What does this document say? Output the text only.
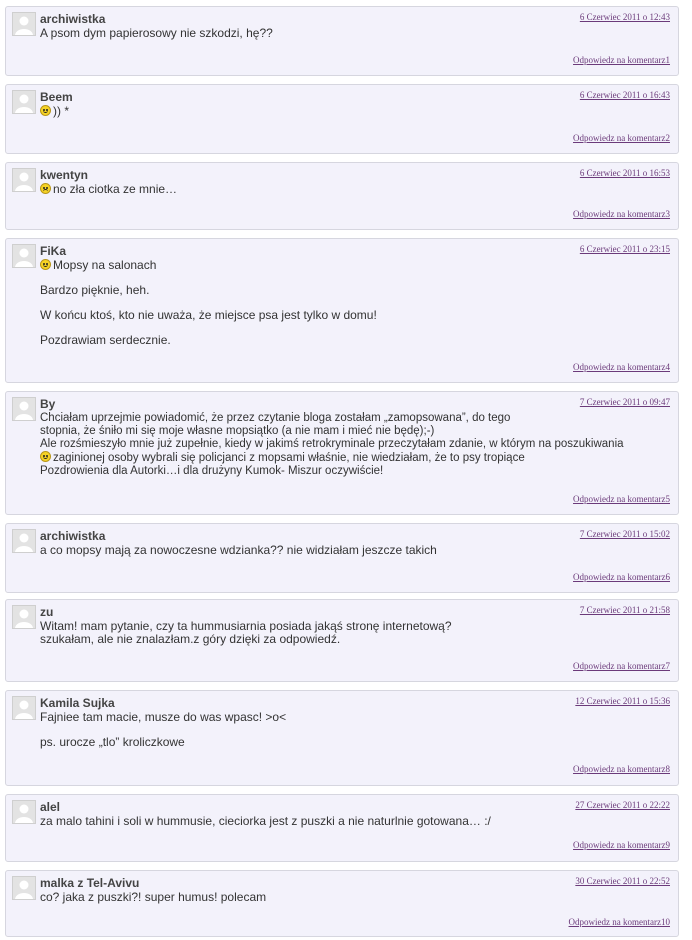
archiwistka	6 Czerwiec 2011 o 12:43

A psom dym papierosowy nie szkodzi, hę??

Odpowiedz na komentarz1
Beem	6 Czerwiec 2011 o 16:43

)) *

Odpowiedz na komentarz2
kwentyn	6 Czerwiec 2011 o 16:53

no zła ciotka ze mnie…

Odpowiedz na komentarz3
FiKa	6 Czerwiec 2011 o 23:15

Mopsy na salonach

Bardzo pięknie, heh.

W końcu ktoś, kto nie uważa, że miejsce psa jest tylko w domu!

Pozdrawiam serdecznie.

Odpowiedz na komentarz4
By	7 Czerwiec 2011 o 09:47
Chciałam uprzejmie powiadomić, że przez czytanie bloga zostałam „zamopsowana”, do tego
stopnia, że śniło mi się moje własne mopsiątko (a nie mam i mieć nie będę);-)
Ale rozśmieszyło mnie już zupełnie, kiedy w jakimś retrokryminale przeczytałam zdanie, w którym na poszukiwania
zaginionej osoby wybrali się policjanci z mopsami właśnie, nie wiedziałam, że to psy tropiące
Pozdrowienia dla Autorki…i dla drużyny Kumok- Miszur oczywiście!
Odpowiedz na komentarz5
archiwistka	7 Czerwiec 2011 o 15:02

a co mopsy mają za nowoczesne wdzianka?? nie widziałam jeszcze takich

Odpowiedz na komentarz6
zu	7 Czerwiec 2011 o 21:58
Witam! mam pytanie, czy ta hummusiarnia posiada jakąś stronę internetową?
szukałam, ale nie znalazłam.z góry dzięki za odpowiedź.
Odpowiedz na komentarz7
Kamila Sujka	12 Czerwiec 2011 o 15:36

Fajniee tam macie, musze do was wpasc! >o<

ps. urocze „tlo” kroliczkowe

Odpowiedz na komentarz8
alel	27 Czerwiec 2011 o 22:22

za malo tahini i soli w hummusie, cieciorka jest z puszki a nie naturlnie gotowana… :/

Odpowiedz na komentarz9
malka z Tel-Avivu	30 Czerwiec 2011 o 22:52

co? jaka z puszki?! super humus! polecam

Odpowiedz na komentarz10
